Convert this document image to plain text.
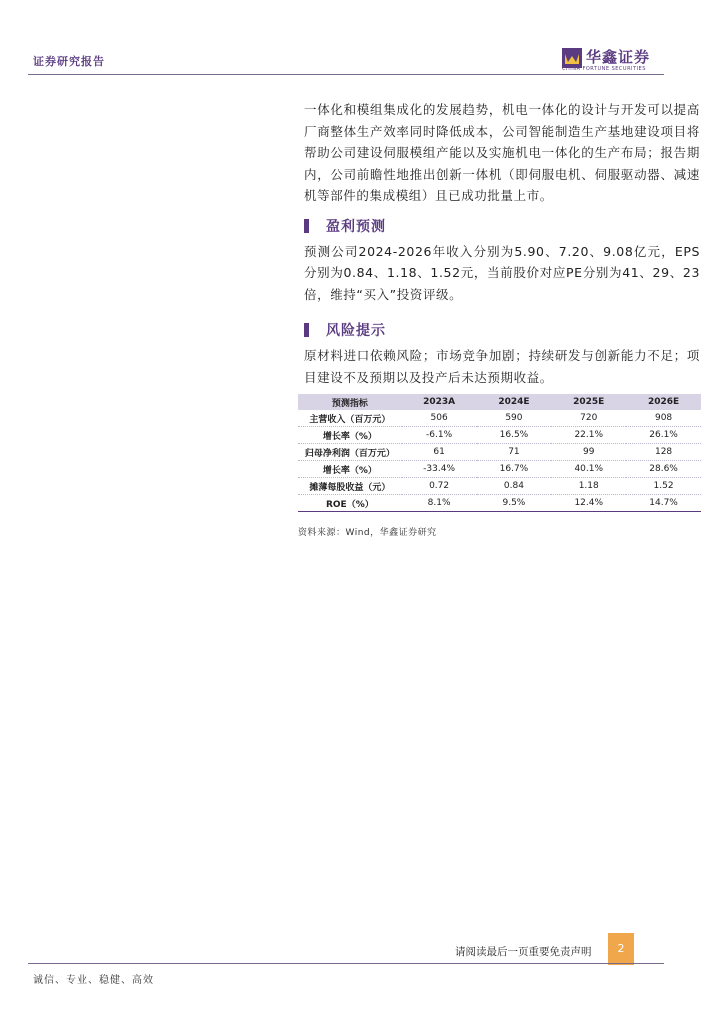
证券研究报告	华鑫证券
CHINA FORTUNE SECURITIES

一体化和模组集成化的发展趋势，机电一体化的设计与开发可以提高厂商整体生产效率同时降低成本，公司智能制造生产基地建设项目将帮助公司建设伺服模组产能以及实施机电一体化的生产布局；报告期内，公司前瞻性地推出创新一体机（即伺服电机、伺服驱动器、减速机等部件的集成模组）且已成功批量上市。

盈利预测

预测公司2024-2026年收入分别为5.90、7.20、9.08亿元，EPS分别为0.84、1.18、1.52元，当前股价对应PE分别为41、29、23倍，维持“买入”投资评级。

风险提示

原材料进口依赖风险；市场竞争加剧；持续研发与创新能力不足；项目建设不及预期以及投产后未达预期收益。

预测指标	2023A	2024E	2025E	2026E
主营收入（百万元）	506	590	720	908
增长率（%）	-6.1%	16.5%	22.1%	26.1%
归母净利润（百万元）	61	71	99	128
增长率（%）	-33.4%	16.7%	40.1%	28.6%
摊薄每股收益（元）	0.72	0.84	1.18	1.52
ROE（%）	8.1%	9.5%	12.4%	14.7%
资料来源：Wind，华鑫证券研究
请阅读最后一页重要免责声明	2
诚信、专业、稳健、高效
